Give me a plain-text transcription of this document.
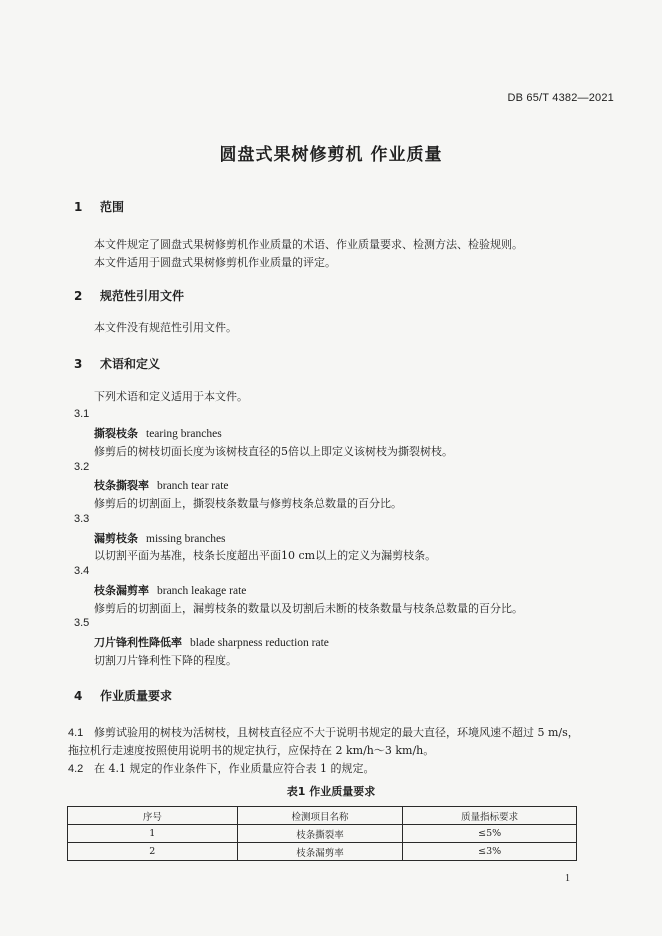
DB 65/T 4382—2021
圆盘式果树修剪机 作业质量
1 范围
本文件规定了圆盘式果树修剪机作业质量的术语、作业质量要求、检测方法、检验规则。
本文件适用于圆盘式果树修剪机作业质量的评定。
2 规范性引用文件
本文件没有规范性引用文件。
3 术语和定义
下列术语和定义适用于本文件。
3.1
撕裂枝条 tearing branches
修剪后的树枝切面长度为该树枝直径的5倍以上即定义该树枝为撕裂树枝。
3.2
枝条撕裂率 branch tear rate
修剪后的切割面上，撕裂枝条数量与修剪枝条总数量的百分比。
3.3
漏剪枝条 missing branches
以切割平面为基准，枝条长度超出平面10 cm以上的定义为漏剪枝条。
3.4
枝条漏剪率 branch leakage rate
修剪后的切割面上，漏剪枝条的数量以及切割后未断的枝条数量与枝条总数量的百分比。
3.5
刀片锋利性降低率 blade sharpness reduction rate
切割刀片锋利性下降的程度。
4 作业质量要求
4.1 修剪试验用的树枝为活树枝，且树枝直径应不大于说明书规定的最大直径，环境风速不超过 5 m/s，
拖拉机行走速度按照使用说明书的规定执行，应保持在 2 km/h～3 km/h。
4.2 在 4.1 规定的作业条件下，作业质量应符合表 1 的规定。
表1 作业质量要求
序号	检测项目名称	质量指标要求
1	枝条撕裂率	≤5%
2	枝条漏剪率	≤3%
1
